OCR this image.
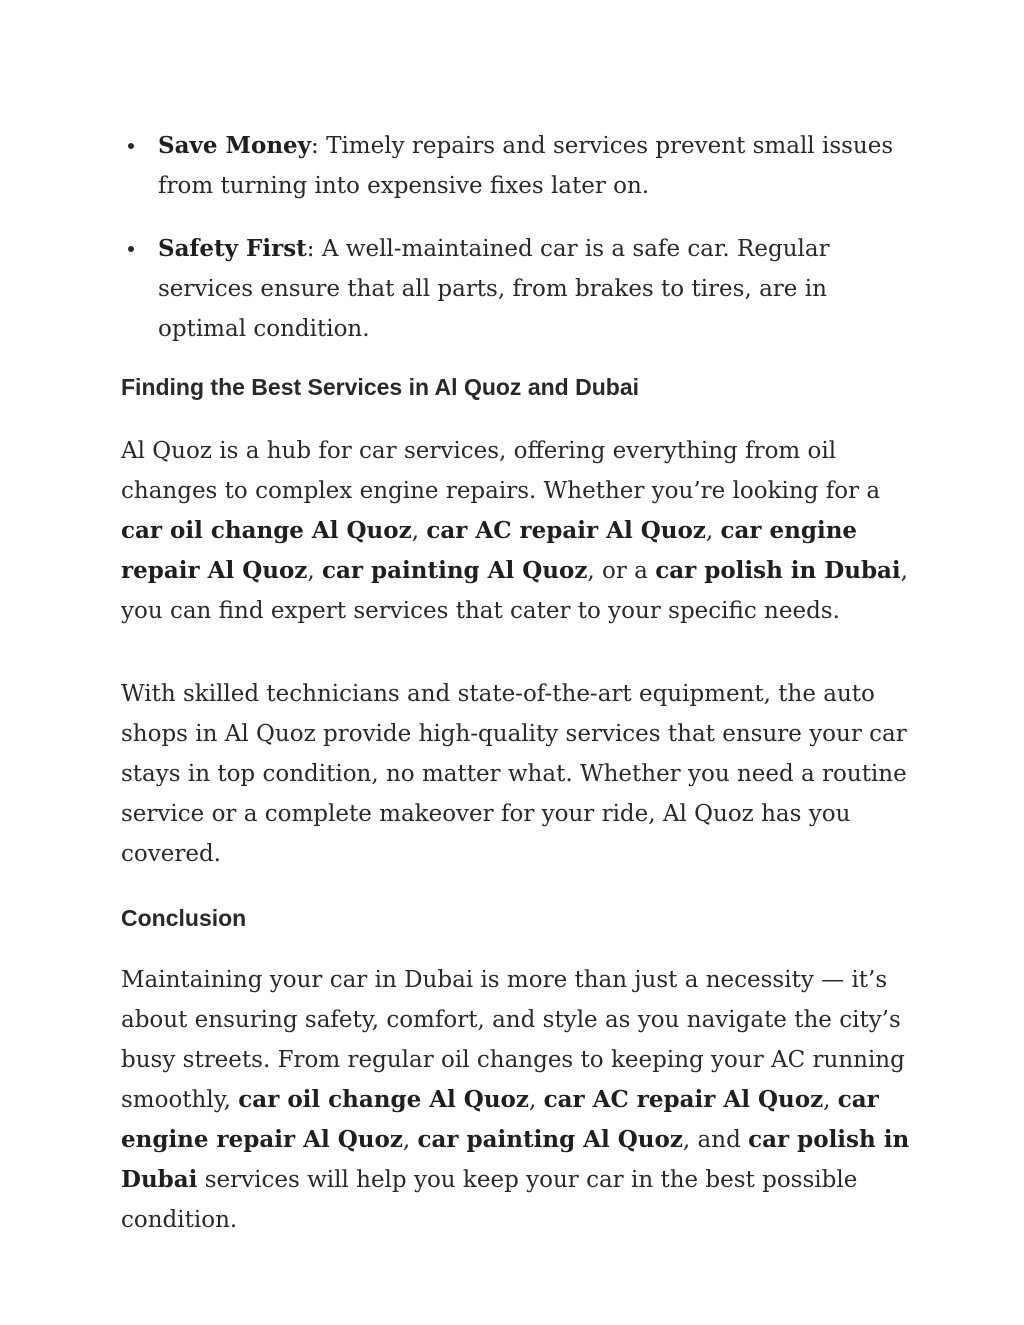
Save Money: Timely repairs and services prevent small issues from turning into expensive fixes later on.
Safety First: A well-maintained car is a safe car. Regular services ensure that all parts, from brakes to tires, are in optimal condition.
Finding the Best Services in Al Quoz and Dubai

Al Quoz is a hub for car services, offering everything from oil changes to complex engine repairs. Whether you’re looking for a car oil change Al Quoz, car AC repair Al Quoz, car engine repair Al Quoz, car painting Al Quoz, or a car polish in Dubai, you can find expert services that cater to your specific needs.

With skilled technicians and state-of-the-art equipment, the auto shops in Al Quoz provide high-quality services that ensure your car stays in top condition, no matter what. Whether you need a routine service or a complete makeover for your ride, Al Quoz has you covered.

Conclusion

Maintaining your car in Dubai is more than just a necessity — it’s about ensuring safety, comfort, and style as you navigate the city’s busy streets. From regular oil changes to keeping your AC running smoothly, car oil change Al Quoz, car AC repair Al Quoz, car engine repair Al Quoz, car painting Al Quoz, and car polish in Dubai services will help you keep your car in the best possible condition.
